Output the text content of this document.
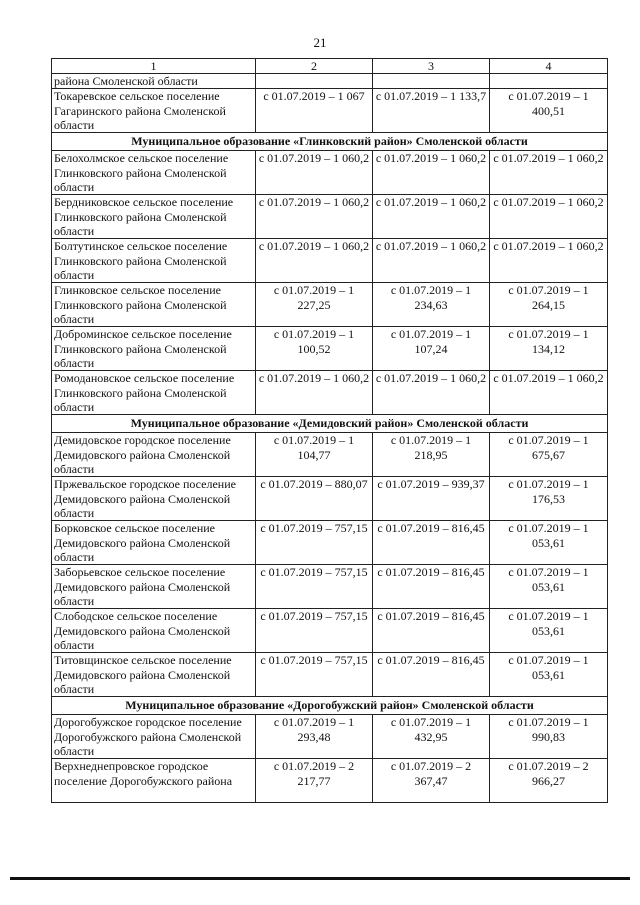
21
1	2	3	4
района Смоленской области			
Токаревское сельское поселение Гагаринского района Смоленской области	с 01.07.2019 – 1 067	с 01.07.2019 – 1 133,7	с 01.07.2019 – 1 400,51
Муниципальное образование «Глинковский район» Смоленской области			
Белохолмское сельское поселение Глинковского района Смоленской области	с 01.07.2019 – 1 060,2	с 01.07.2019 – 1 060,2	с 01.07.2019 – 1 060,2
Бердниковское сельское поселение Глинковского района Смоленской области	с 01.07.2019 – 1 060,2	с 01.07.2019 – 1 060,2	с 01.07.2019 – 1 060,2
Болтутинское сельское поселение Глинковского района Смоленской области	с 01.07.2019 – 1 060,2	с 01.07.2019 – 1 060,2	с 01.07.2019 – 1 060,2
Глинковское сельское поселение Глинковского района Смоленской области	с 01.07.2019 – 1 227,25	с 01.07.2019 – 1 234,63	с 01.07.2019 – 1 264,15
Доброминское сельское поселение Глинковского района Смоленской области	с 01.07.2019 – 1 100,52	с 01.07.2019 – 1 107,24	с 01.07.2019 – 1 134,12
Ромодановское сельское поселение Глинковского района Смоленской области	с 01.07.2019 – 1 060,2	с 01.07.2019 – 1 060,2	с 01.07.2019 – 1 060,2
Муниципальное образование «Демидовский район» Смоленской области			
Демидовское городское поселение Демидовского района Смоленской области	с 01.07.2019 – 1 104,77	с 01.07.2019 – 1 218,95	с 01.07.2019 – 1 675,67
Пржевальское городское поселение Демидовского района Смоленской области	с 01.07.2019 – 880,07	с 01.07.2019 – 939,37	с 01.07.2019 – 1 176,53
Борковское сельское поселение Демидовского района Смоленской области	с 01.07.2019 – 757,15	с 01.07.2019 – 816,45	с 01.07.2019 – 1 053,61
Заборьевское сельское поселение Демидовского района Смоленской области	с 01.07.2019 – 757,15	с 01.07.2019 – 816,45	с 01.07.2019 – 1 053,61
Слободское сельское поселение Демидовского района Смоленской области	с 01.07.2019 – 757,15	с 01.07.2019 – 816,45	с 01.07.2019 – 1 053,61
Титовщинское сельское поселение Демидовского района Смоленской области	с 01.07.2019 – 757,15	с 01.07.2019 – 816,45	с 01.07.2019 – 1 053,61
Муниципальное образование «Дорогобужский район» Смоленской области			
Дорогобужское городское поселение Дорогобужского района Смоленской области	с 01.07.2019 – 1 293,48	с 01.07.2019 – 1 432,95	с 01.07.2019 – 1 990,83
Верхнеднепровское городское поселение Дорогобужского района	с 01.07.2019 – 2 217,77	с 01.07.2019 – 2 367,47	с 01.07.2019 – 2 966,27
